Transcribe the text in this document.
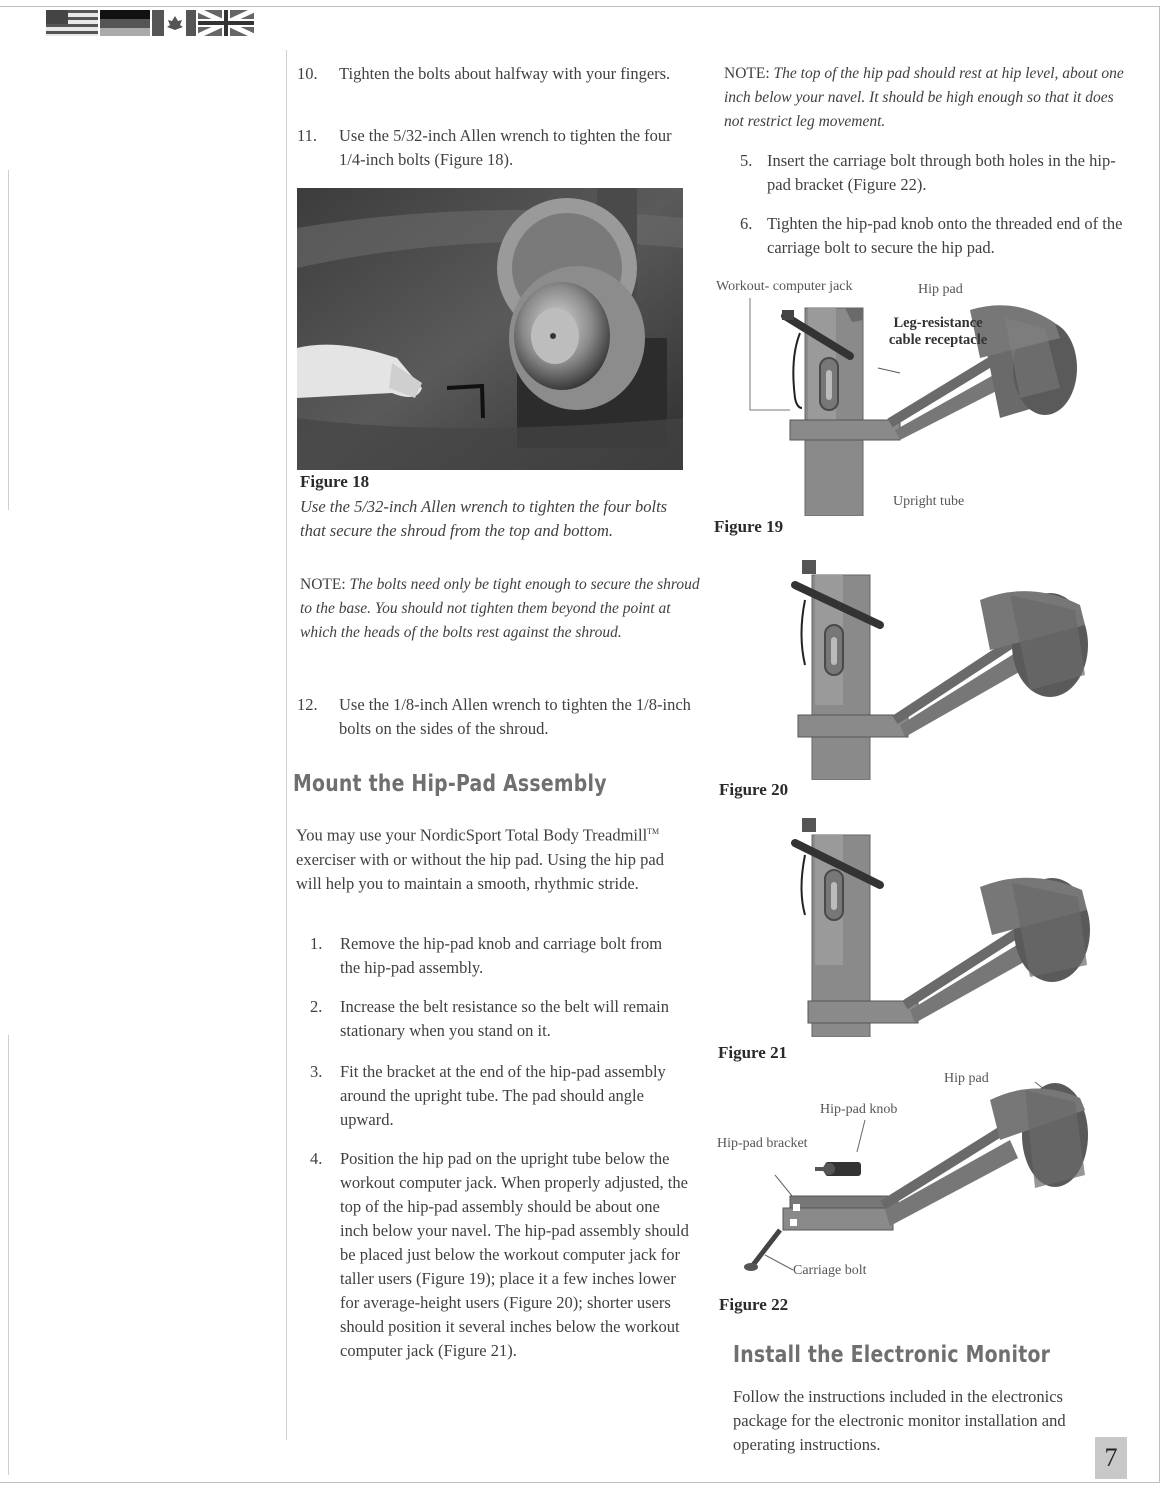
10. Tighten the bolts about halfway with your fingers.
11. Use the 5/32-inch Allen wrench to tighten the four 1/4-inch bolts (Figure 18).
Figure 18
Use the 5/32-inch Allen wrench to tighten the four bolts that secure the shroud from the top and bottom.
NOTE: The bolts need only be tight enough to secure the shroud to the base. You should not tighten them beyond the point at which the heads of the bolts rest against the shroud.
12. Use the 1/8-inch Allen wrench to tighten the 1/8-inch bolts on the sides of the shroud.
Mount the Hip-Pad Assembly
You may use your NordicSport Total Body Treadmill™ exerciser with or without the hip pad. Using the hip pad will help you to maintain a smooth, rhythmic stride.
1. Remove the hip-pad knob and carriage bolt from the hip-pad assembly.
2. Increase the belt resistance so the belt will remain stationary when you stand on it.
3. Fit the bracket at the end of the hip-pad assembly around the upright tube. The pad should angle upward.
4. Position the hip pad on the upright tube below the workout computer jack. When properly adjusted, the top of the hip-pad assembly should be about one inch below your navel. The hip-pad assembly should be placed just below the workout computer jack for taller users (Figure 19); place it a few inches lower for average-height users (Figure 20); shorter users should position it several inches below the workout computer jack (Figure 21).
NOTE: The top of the hip pad should rest at hip level, about one inch below your navel. It should be high enough so that it does not restrict leg movement.
5. Insert the carriage bolt through both holes in the hip-pad bracket (Figure 22).
6. Tighten the hip-pad knob onto the threaded end of the carriage bolt to secure the hip pad.
Workout- computer jack	Hip pad
Leg-resistance cable receptacle
Upright tube
Figure 19
Figure 20
Figure 21
Hip pad
Hip-pad knob
Hip-pad bracket
Carriage bolt
Figure 22
Install the Electronic Monitor
Follow the instructions included in the electronics package for the electronic monitor installation and operating instructions.	7
